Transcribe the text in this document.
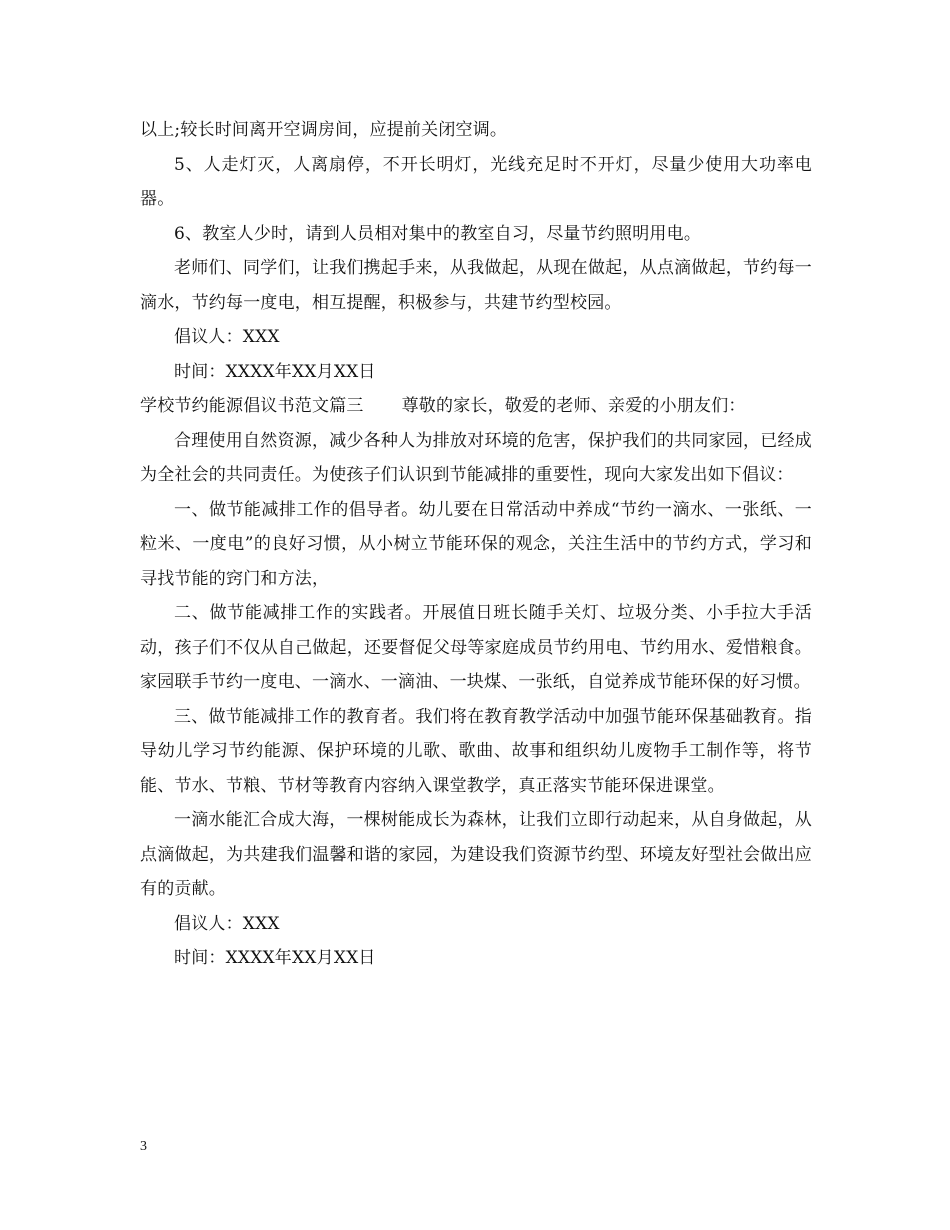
以上;较长时间离开空调房间，应提前关闭空调。

5、人走灯灭，人离扇停，不开长明灯，光线充足时不开灯，尽量少使用大功率电器。

6、教室人少时，请到人员相对集中的教室自习，尽量节约照明用电。

老师们、同学们，让我们携起手来，从我做起，从现在做起，从点滴做起，节约每一滴水，节约每一度电，相互提醒，积极参与，共建节约型校园。

倡议人：XXX

时间：XXXX年XX月XX日

学校节约能源倡议书范文篇三 尊敬的家长，敬爱的老师、亲爱的小朋友们：

合理使用自然资源，减少各种人为排放对环境的危害，保护我们的共同家园，已经成为全社会的共同责任。为使孩子们认识到节能减排的重要性，现向大家发出如下倡议：

一、做节能减排工作的倡导者。幼儿要在日常活动中养成“节约一滴水、一张纸、一粒米、一度电”的良好习惯，从小树立节能环保的观念，关注生活中的节约方式，学习和寻找节能的窍门和方法，

二、做节能减排工作的实践者。开展值日班长随手关灯、垃圾分类、小手拉大手活动，孩子们不仅从自己做起，还要督促父母等家庭成员节约用电、节约用水、爱惜粮食。家园联手节约一度电、一滴水、一滴油、一块煤、一张纸，自觉养成节能环保的好习惯。

三、做节能减排工作的教育者。我们将在教育教学活动中加强节能环保基础教育。指导幼儿学习节约能源、保护环境的儿歌、歌曲、故事和组织幼儿废物手工制作等，将节能、节水、节粮、节材等教育内容纳入课堂教学，真正落实节能环保进课堂。

一滴水能汇合成大海，一棵树能成长为森林，让我们立即行动起来，从自身做起，从点滴做起，为共建我们温馨和谐的家园，为建设我们资源节约型、环境友好型社会做出应有的贡献。

倡议人：XXX

时间：XXXX年XX月XX日

3
